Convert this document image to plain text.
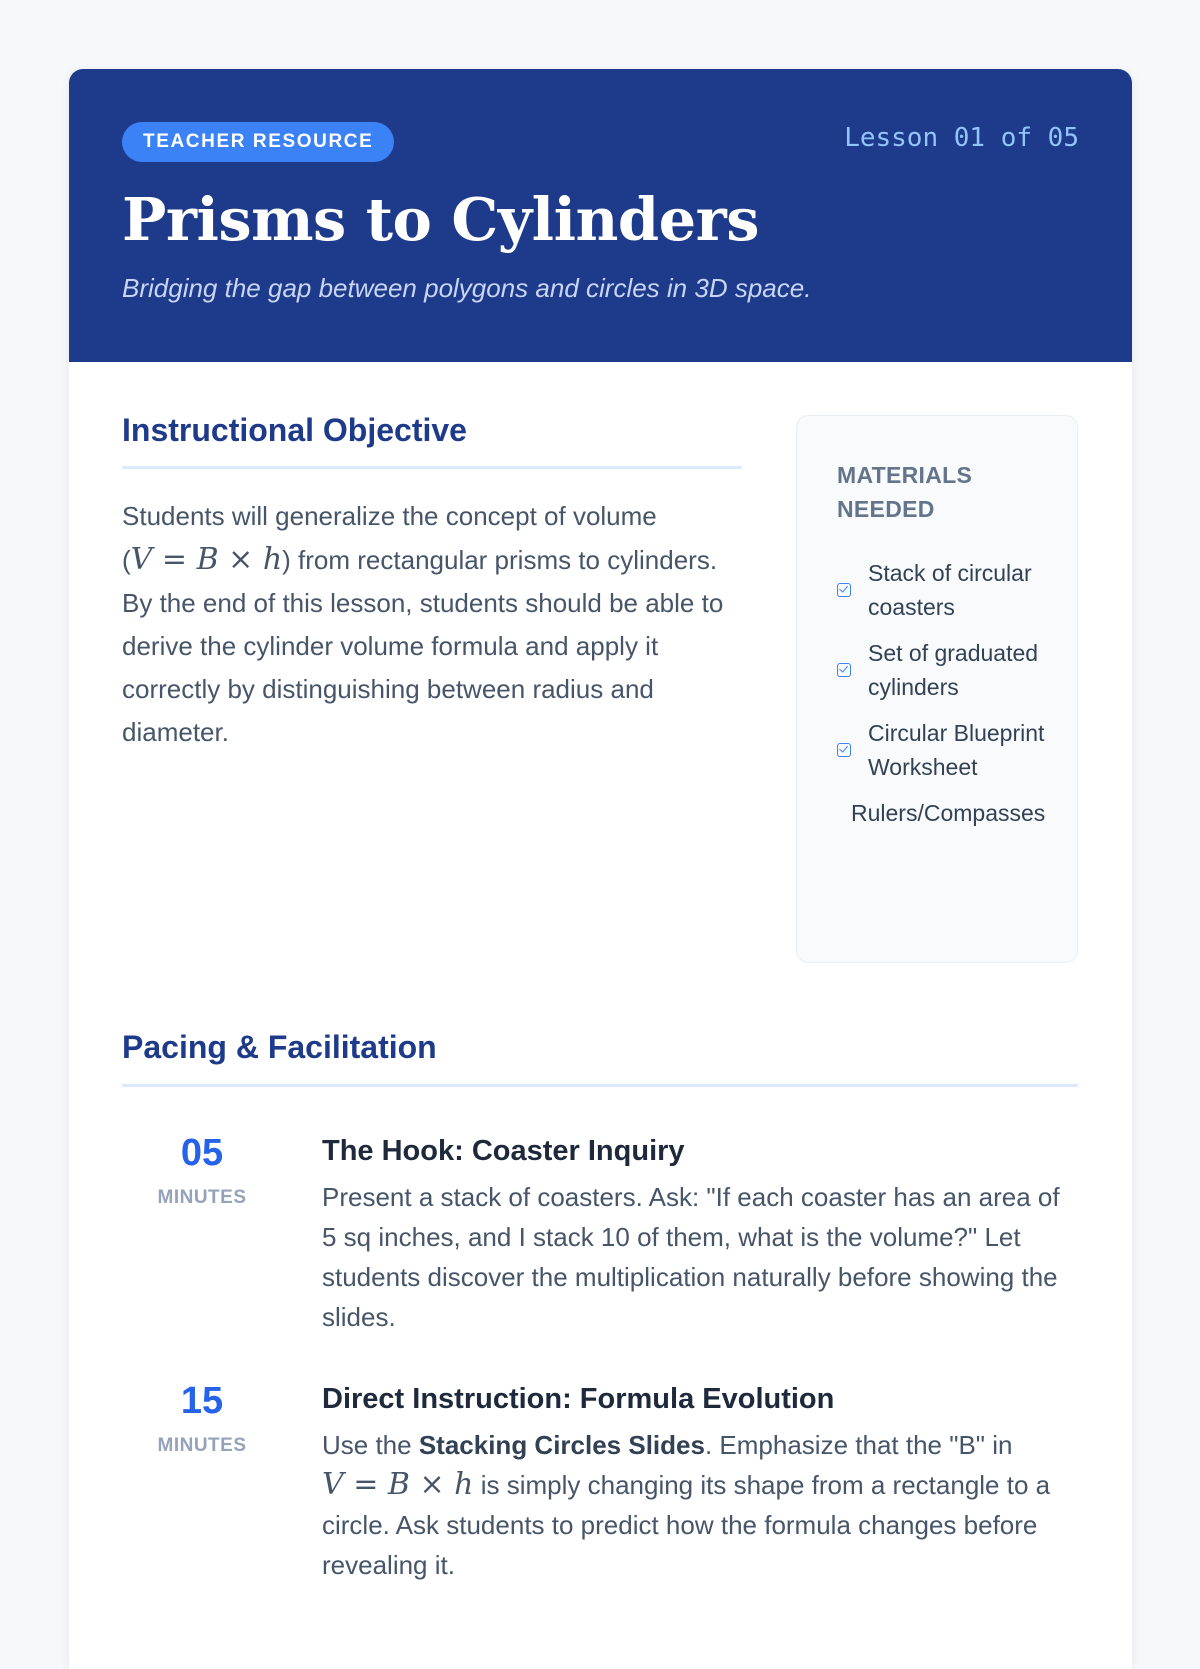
TEACHER RESOURCE	Lesson 01 of 05
Prisms to Cylinders

Bridging the gap between polygons and circles in 3D space.

Instructional Objective

Students will generalize the concept of volume (V = B × h) from rectangular prisms to cylinders. By the end of this lesson, students should be able to derive the cylinder volume formula and apply it correctly by distinguishing between radius and diameter.

MATERIALS NEEDED
Stack of circular coasters
Set of graduated cylinders
Circular Blueprint Worksheet
Rulers/Compasses
Pacing & Facilitation
05
MINUTES
The Hook: Coaster Inquiry

Present a stack of coasters. Ask: "If each coaster has an area of 5 sq inches, and I stack 10 of them, what is the volume?" Let students discover the multiplication naturally before showing the slides.

15
MINUTES
Direct Instruction: Formula Evolution

Use the Stacking Circles Slides. Emphasize that the "B" in V = B × h is simply changing its shape from a rectangle to a circle. Ask students to predict how the formula changes before revealing it.
